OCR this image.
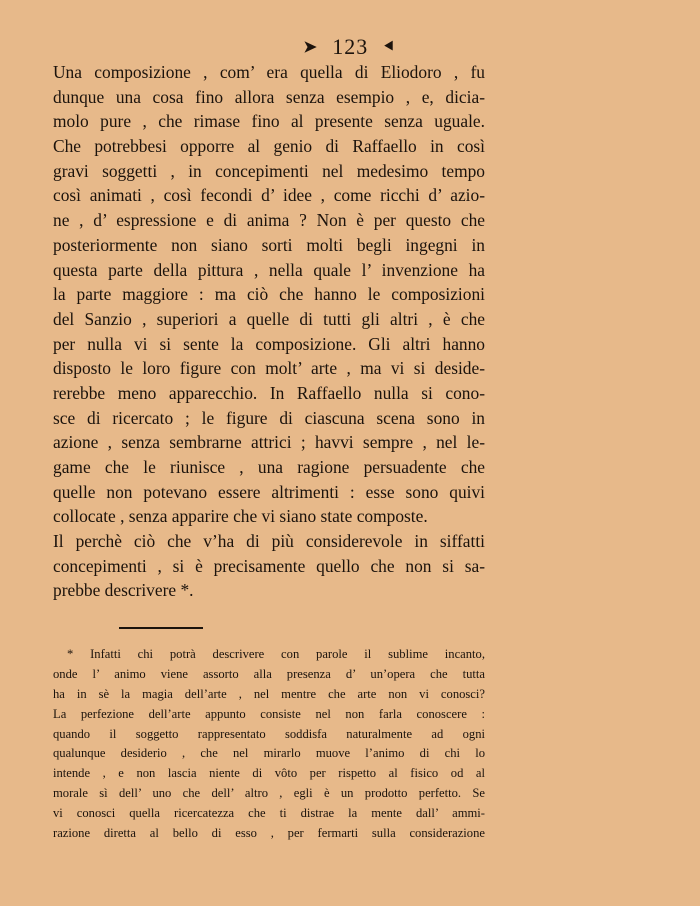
➤ 123 ⯇
Una composizione , com’ era quella di Eliodoro , fu
dunque una cosa fino allora senza esempio , e, dicia-
molo pure , che rimase fino al presente senza uguale.
Che potrebbesi opporre al genio di Raffaello in così
gravi soggetti , in concepimenti nel medesimo tempo
così animati , così fecondi d’ idee , come ricchi d’ azio-
ne , d’ espressione e di anima ? Non è per questo che
posteriormente non siano sorti molti begli ingegni in
questa parte della pittura , nella quale l’ invenzione ha
la parte maggiore : ma ciò che hanno le composizioni
del Sanzio , superiori a quelle di tutti gli altri , è che
per nulla vi si sente la composizione. Gli altri hanno
disposto le loro figure con molt’ arte , ma vi si deside-
rerebbe meno apparecchio. In Raffaello nulla si cono-
sce di ricercato ; le figure di ciascuna scena sono in
azione , senza sembrarne attrici ; havvi sempre , nel le-
game che le riunisce , una ragione persuadente che
quelle non potevano essere altrimenti : esse sono quivi
collocate , senza apparire che vi siano state composte.
Il perchè ciò che v’ha di più considerevole in siffatti
concepimenti , si è precisamente quello che non si sa-
prebbe descrivere *.
* Infatti chi potrà descrivere con parole il sublime incanto,
onde l’ animo viene assorto alla presenza d’ un’opera che tutta
ha in sè la magia dell’arte , nel mentre che arte non vi conosci?
La perfezione dell’arte appunto consiste nel non farla conoscere :
quando il soggetto rappresentato soddisfa naturalmente ad ogni
qualunque desiderio , che nel mirarlo muove l’animo di chi lo
intende , e non lascia niente di vôto per rispetto al fisico od al
morale sì dell’ uno che dell’ altro , egli è un prodotto perfetto. Se
vi conosci quella ricercatezza che ti distrae la mente dall’ ammi-
razione diretta al bello di esso , per fermarti sulla considerazione
